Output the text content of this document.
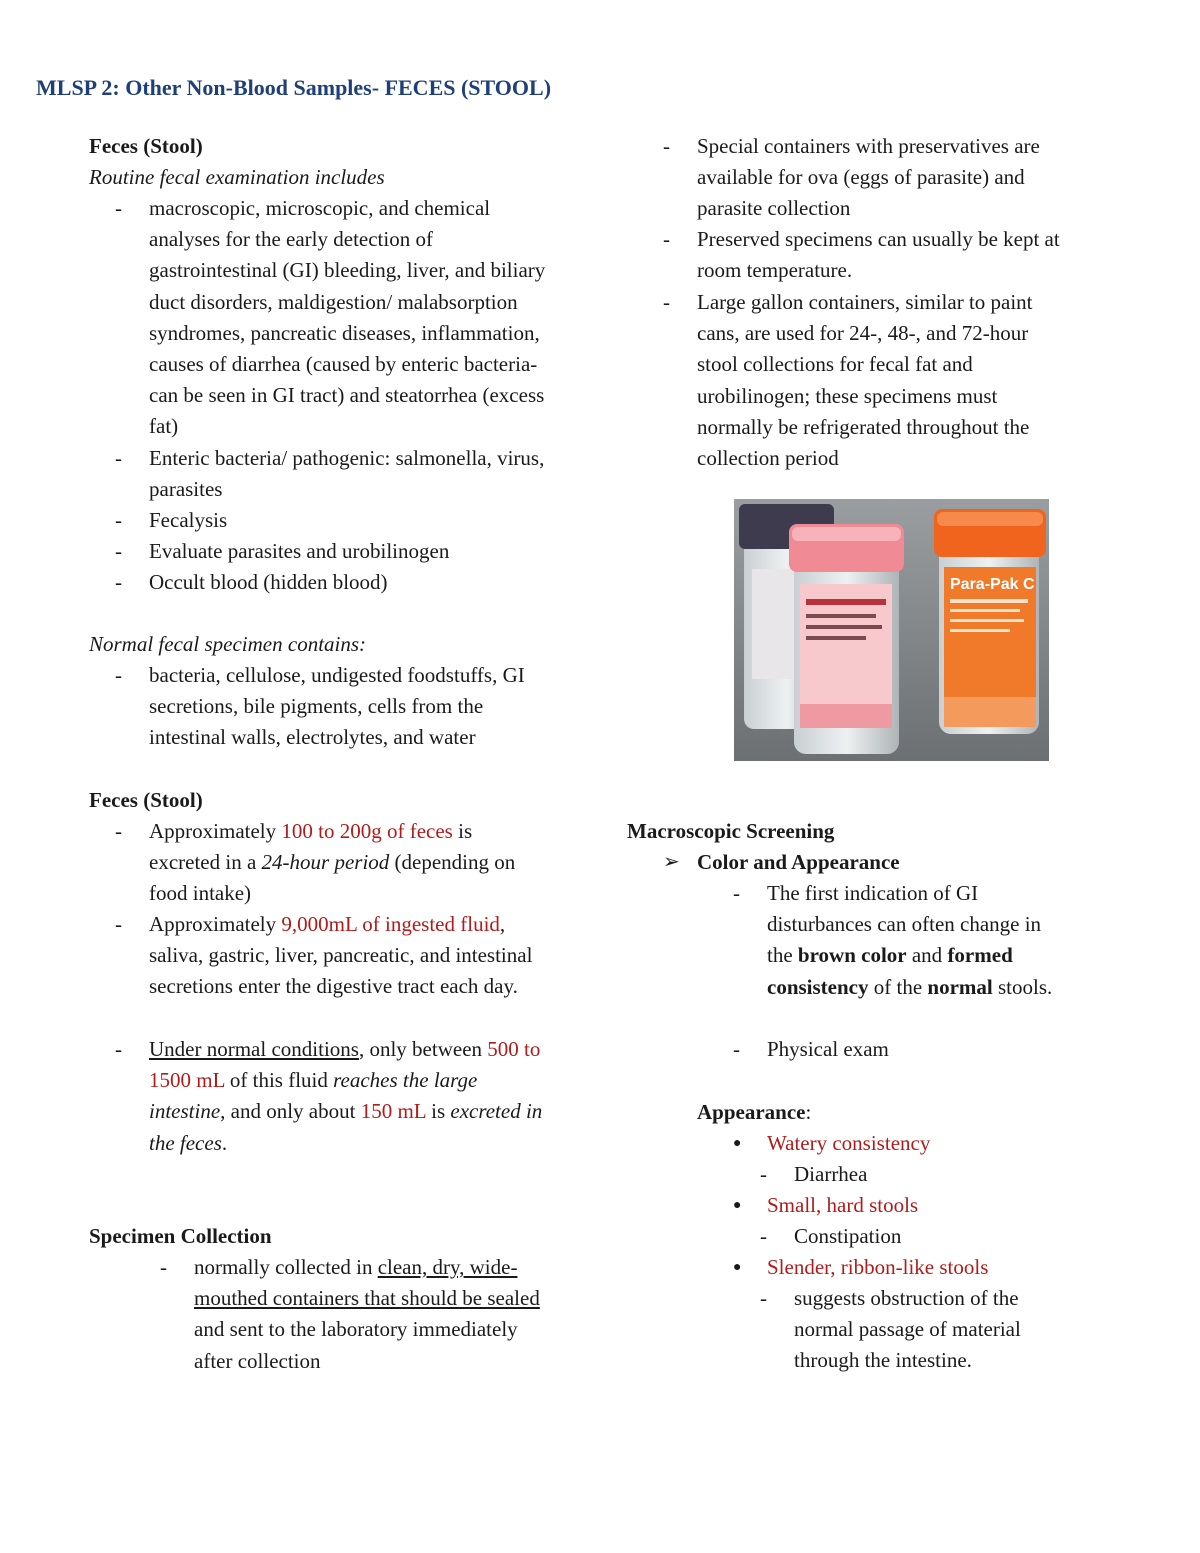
MLSP 2: Other Non-Blood Samples- FECES (STOOL)
Feces (Stool)
Routine fecal examination includes
-	macroscopic, microscopic, and chemical analyses for the early detection of gastrointestinal (GI) bleeding, liver, and biliary duct disorders, maldigestion/ malabsorption syndromes, pancreatic diseases, inflammation, causes of diarrhea (caused by enteric bacteria- can be seen in GI tract) and steatorrhea (excess fat)
-	Enteric bacteria/ pathogenic: salmonella, virus, parasites
-	Fecalysis
-	Evaluate parasites and urobilinogen
-	Occult blood (hidden blood)
Normal fecal specimen contains:
-	bacteria, cellulose, undigested foodstuffs, GI secretions, bile pigments, cells from the intestinal walls, electrolytes, and water
Feces (Stool)
-	Approximately 100 to 200g of feces is excreted in a 24-hour period (depending on food intake)
-	Approximately 9,000mL of ingested fluid, saliva, gastric, liver, pancreatic, and intestinal secretions enter the digestive tract each day.
-	Under normal conditions, only between 500 to 1500 mL of this fluid reaches the large intestine, and only about 150 mL is excreted in the feces.
Specimen Collection
-	normally collected in clean, dry, wide-mouthed containers that should be sealed and sent to the laboratory immediately after collection
-	Special containers with preservatives are available for ova (eggs of parasite) and parasite collection
-	Preserved specimens can usually be kept at room temperature.
-	Large gallon containers, similar to paint cans, are used for 24-, 48-, and 72-hour stool collections for fecal fat and urobilinogen; these specimens must normally be refrigerated throughout the collection period
Para-Pak C
Macroscopic Screening
➢ Color and Appearance
-	The first indication of GI disturbances can often change in the brown color and formed consistency of the normal stools.
-	Physical exam
Appearance:
● Watery consistency
-	Diarrhea
● Small, hard stools
-	Constipation
● Slender, ribbon-like stools
-	suggests obstruction of the normal passage of material through the intestine.
